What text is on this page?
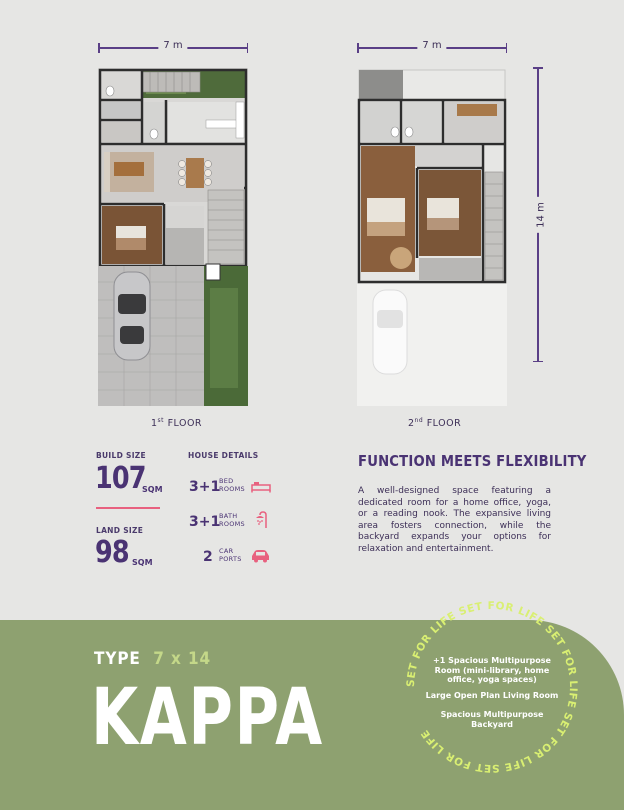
7 m
1st FLOOR
7 m
14 m
2nd FLOOR
BUILD SIZE
107
SQM
LAND SIZE
98 SQM
HOUSE DETAILS
3+1
BED
ROOMS
3+1
BATH
ROOMS
2 CAR
PORTS
FUNCTION MEETS FLEXIBILITY
A well-designed space featuring a dedicated room for a home office, yoga, or a reading nook. The expansive living area fosters connection, while the backyard expands your options for relaxation and entertainment.
TYPE 7 x 14
KAPPA	SET FOR LIFE SET FOR LIFE SET FOR LIFE SET FOR LIFE SET FOR LIFE
+1 Spacious Multipurpose Room (mini-library, home office, yoga spaces)
Large Open Plan Living Room
Spacious Multipurpose Backyard
